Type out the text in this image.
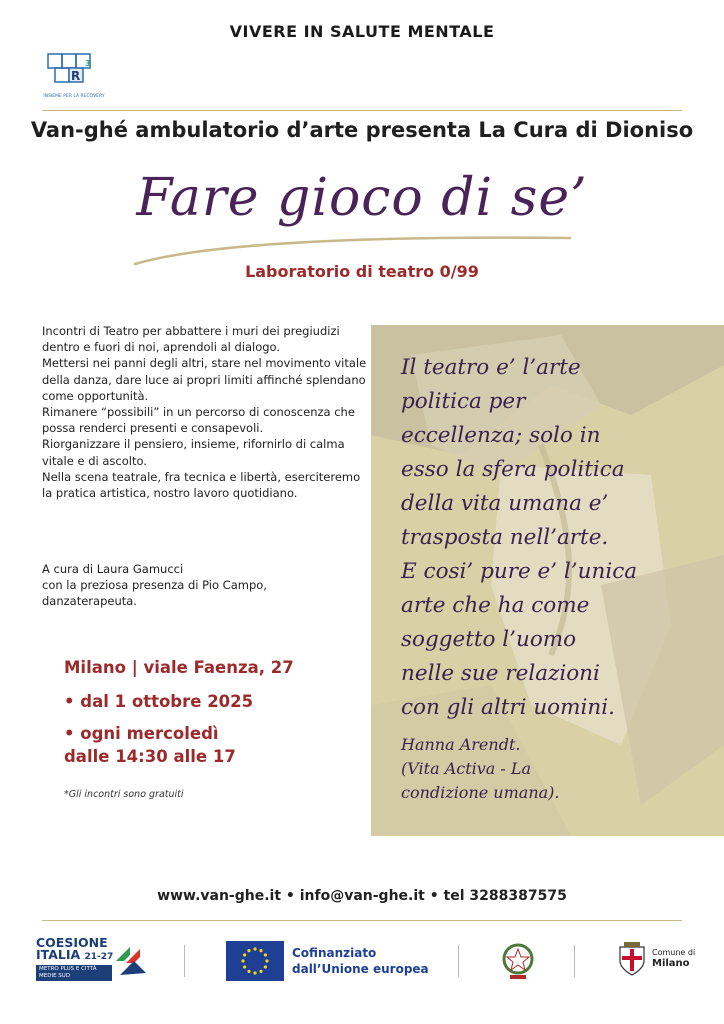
VIVERE IN SALUTE MENTALE
R
3
INSIEME PER LA RECOVERY
Van-ghé ambulatorio d’arte presenta La Cura di Dioniso
Fare gioco di se’
Laboratorio di teatro 0/99

Incontri di Teatro per abbattere i muri dei pregiudizi dentro e fuori di noi, aprendoli al dialogo.

Mettersi nei panni degli altri, stare nel movimento vitale della danza, dare luce ai propri limiti affinché splendano come opportunità.

Rimanere “possibili” in un percorso di conoscenza che possa renderci presenti e consapevoli.

Riorganizzare il pensiero, insieme, rifornirlo di calma vitale e di ascolto.

Nella scena teatrale, fra tecnica e libertà, eserciteremo la pratica artistica, nostro lavoro quotidiano.

A cura di Laura Gamucci

con la preziosa presenza di Pio Campo,

danzaterapeuta.

Milano | viale Faenza, 27
• dal 1 ottobre 2025
• ogni mercoledì
dalle 14:30 alle 17
*Gli incontri sono gratuiti
Il teatro e’ l’arte
politica per
eccellenza; solo in
esso la sfera politica
della vita umana e’
trasposta nell’arte.
E cosi’ pure e’ l’unica
arte che ha come
soggetto l’uomo
nelle sue relazioni
con gli altri uomini.
Hanna Arendt.
(Vita Activa - La
condizione umana).
www.van-ghe.it • info@van-ghe.it • tel 3288387575
COESIONE
ITALIA 21-27
METRO PLUS E CITTÀ MEDIE SUD
Cofinanziato
dall’Unione europea
Comune di
Milano
